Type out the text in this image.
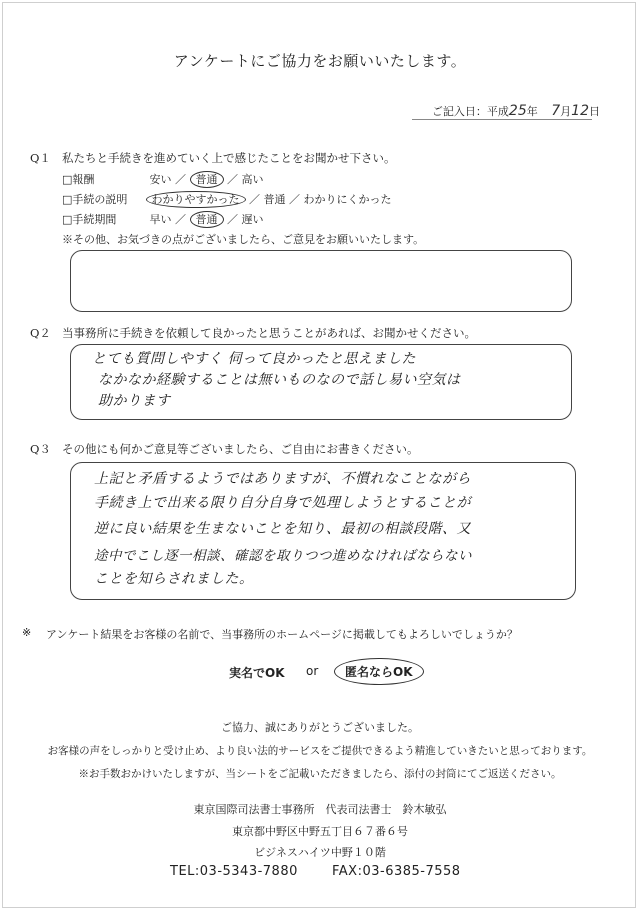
アンケートにご協力をお願いいたします。
ご記入日：平成25年 7月12日
Q１ 私たちと手続きを進めていく上で感じたことをお聞かせ下さい。
□報酬	安い ／ 普通 ／ 高い
□手続の説明 わかりやすかった ／ 普通 ／ わかりにくかった
□手続期間	早い ／ 普通 ／ 遅い
※その他、お気づきの点がございましたら、ご意見をお願いいたします。
Q２ 当事務所に手続きを依頼して良かったと思うことがあれば、お聞かせください。
とても質問しやすく 伺って良かったと思えました
なかなか経験することは無いものなので話し易い空気は
助かります
Q３ その他にも何かご意見等ございましたら、ご自由にお書きください。
上記と矛盾するようではありますが、不慣れなことながら
手続き上で出来る限り自分自身で処理しようとすることが
逆に良い結果を生まないことを知り、最初の相談段階、又
途中でこし逐一相談、確認を取りつつ進めなければならない
ことを知らされました。
※ アンケート結果をお客様の名前で、当事務所のホームページに掲載してもよろしいでしょうか？
実名でOK or	匿名ならOK
ご協力、誠にありがとうございました。
お客様の声をしっかりと受け止め、より良い法的サービスをご提供できるよう精進していきたいと思っております。
※お手数おかけいたしますが、当シートをご記載いただきましたら、添付の封筒にてご返送ください。
東京国際司法書士事務所　代表司法書士　鈴木敏弘
東京都中野区中野五丁目６７番６号
ビジネスハイツ中野１０階
TEL:03-5343-7880	FAX:03-6385-7558
